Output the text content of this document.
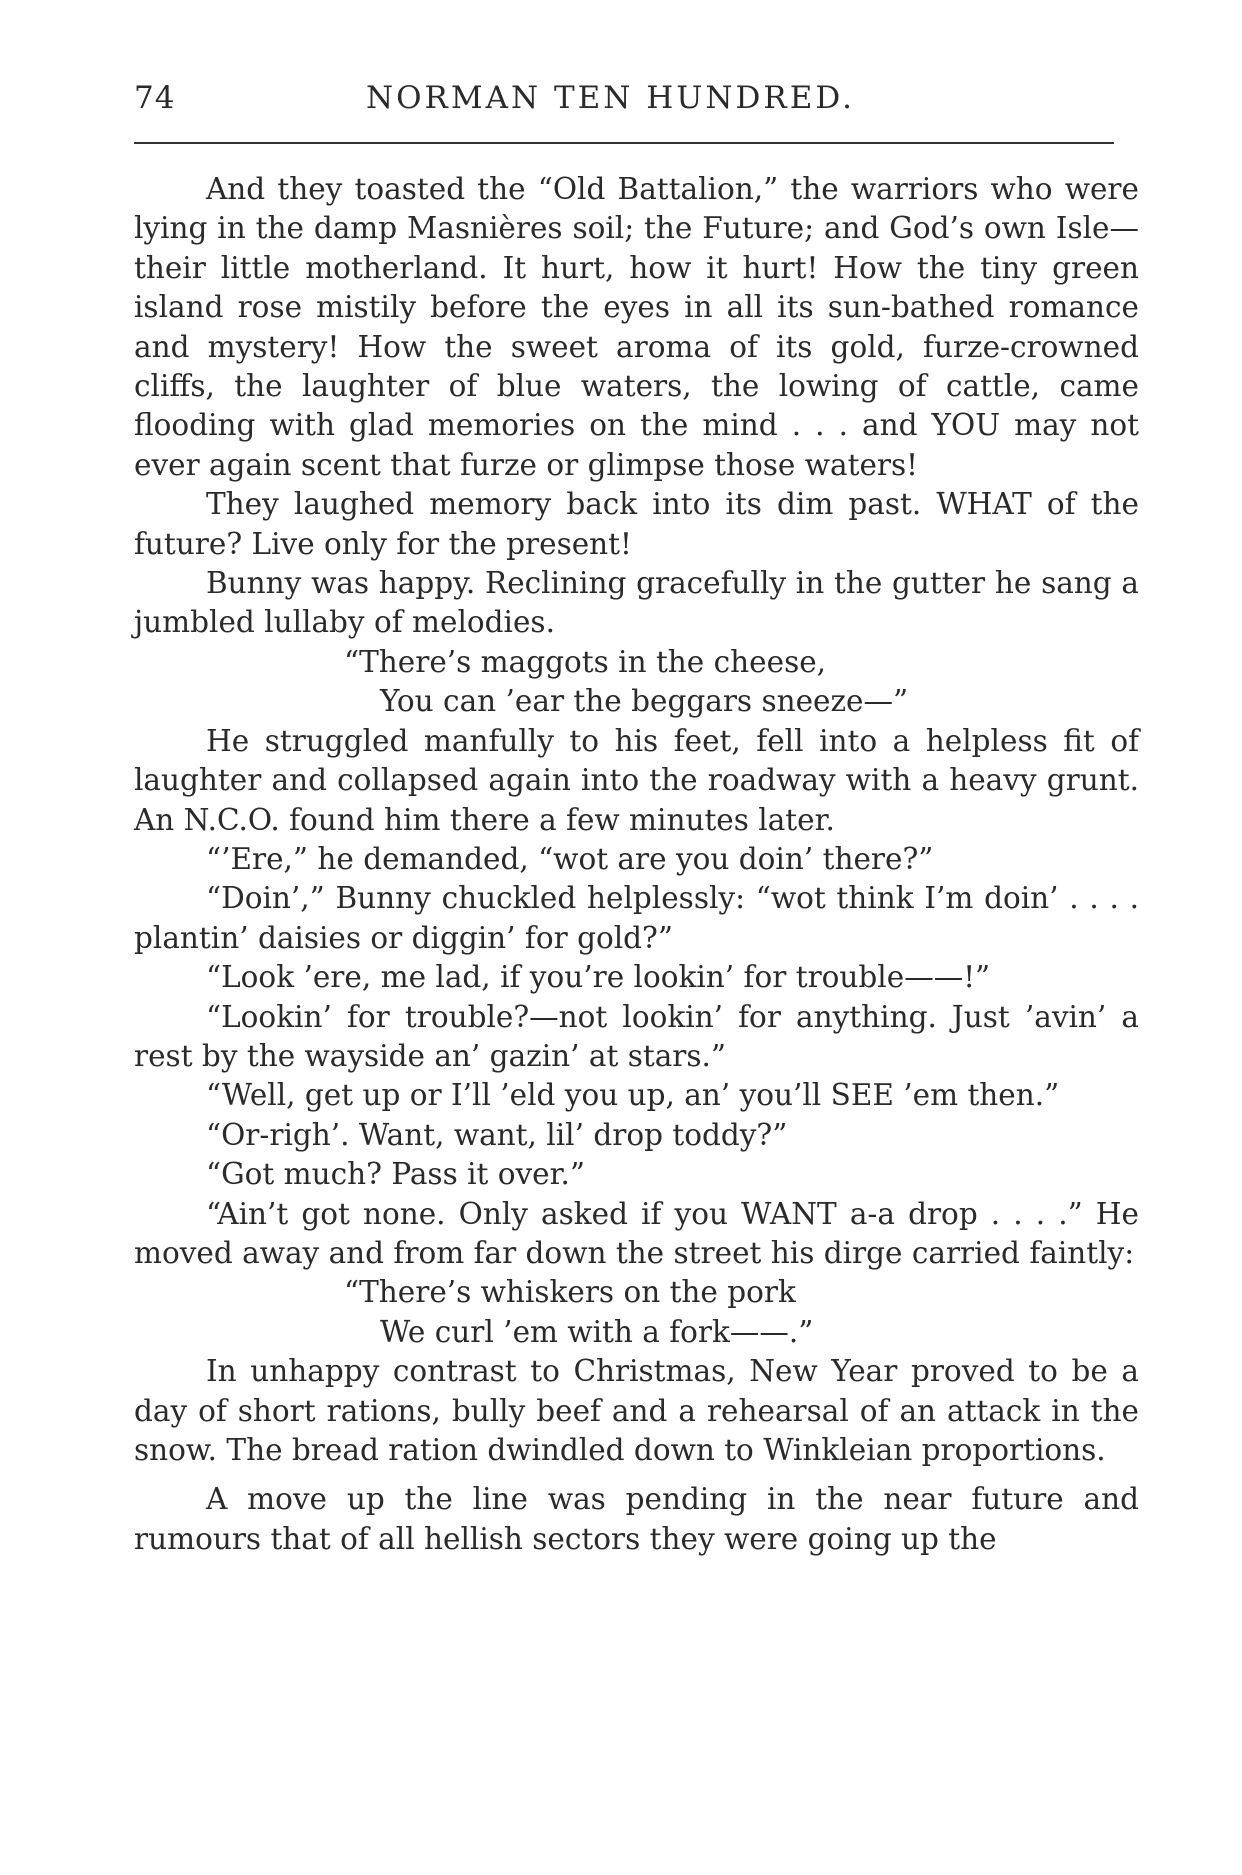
74	NORMAN TEN HUNDRED.

And they toasted the “Old Battalion,” the warriors who were lying in the damp Masnières soil; the Future; and God’s own Isle—their little motherland. It hurt, how it hurt! How the tiny green island rose mistily before the eyes in all its sun-bathed romance and mystery! How the sweet aroma of its gold, furze-crowned cliffs, the laughter of blue waters, the lowing of cattle, came flooding with glad memories on the mind . . . and YOU may not ever again scent that furze or glimpse those waters!

They laughed memory back into its dim past. WHAT of the future? Live only for the present!

Bunny was happy. Reclining gracefully in the gutter he sang a jumbled lullaby of melodies.

“There’s maggots in the cheese,
You can ’ear the beggars sneeze—”

He struggled manfully to his feet, fell into a helpless fit of laughter and collapsed again into the roadway with a heavy grunt. An N.C.O. found him there a few minutes later.

“’Ere,” he demanded, “wot are you doin’ there?”

“Doin’,” Bunny chuckled helplessly: “wot think I’m doin’ . . . . plantin’ daisies or diggin’ for gold?”

“Look ’ere, me lad, if you’re lookin’ for trouble——!”

“Lookin’ for trouble?—not lookin’ for anything. Just ’avin’ a rest by the wayside an’ gazin’ at stars.”

“Well, get up or I’ll ’eld you up, an’ you’ll SEE ’em then.”

“Or-righ’. Want, want, lil’ drop toddy?”

“Got much? Pass it over.”

“Ain’t got none. Only asked if you WANT a-a drop . . . .” He moved away and from far down the street his dirge carried faintly:

“There’s whiskers on the pork
We curl ’em with a fork——.”

In unhappy contrast to Christmas, New Year proved to be a day of short rations, bully beef and a rehearsal of an attack in the snow. The bread ration dwindled down to Winkleian proportions.

A move up the line was pending in the near future and rumours that of all hellish sectors they were going up the
